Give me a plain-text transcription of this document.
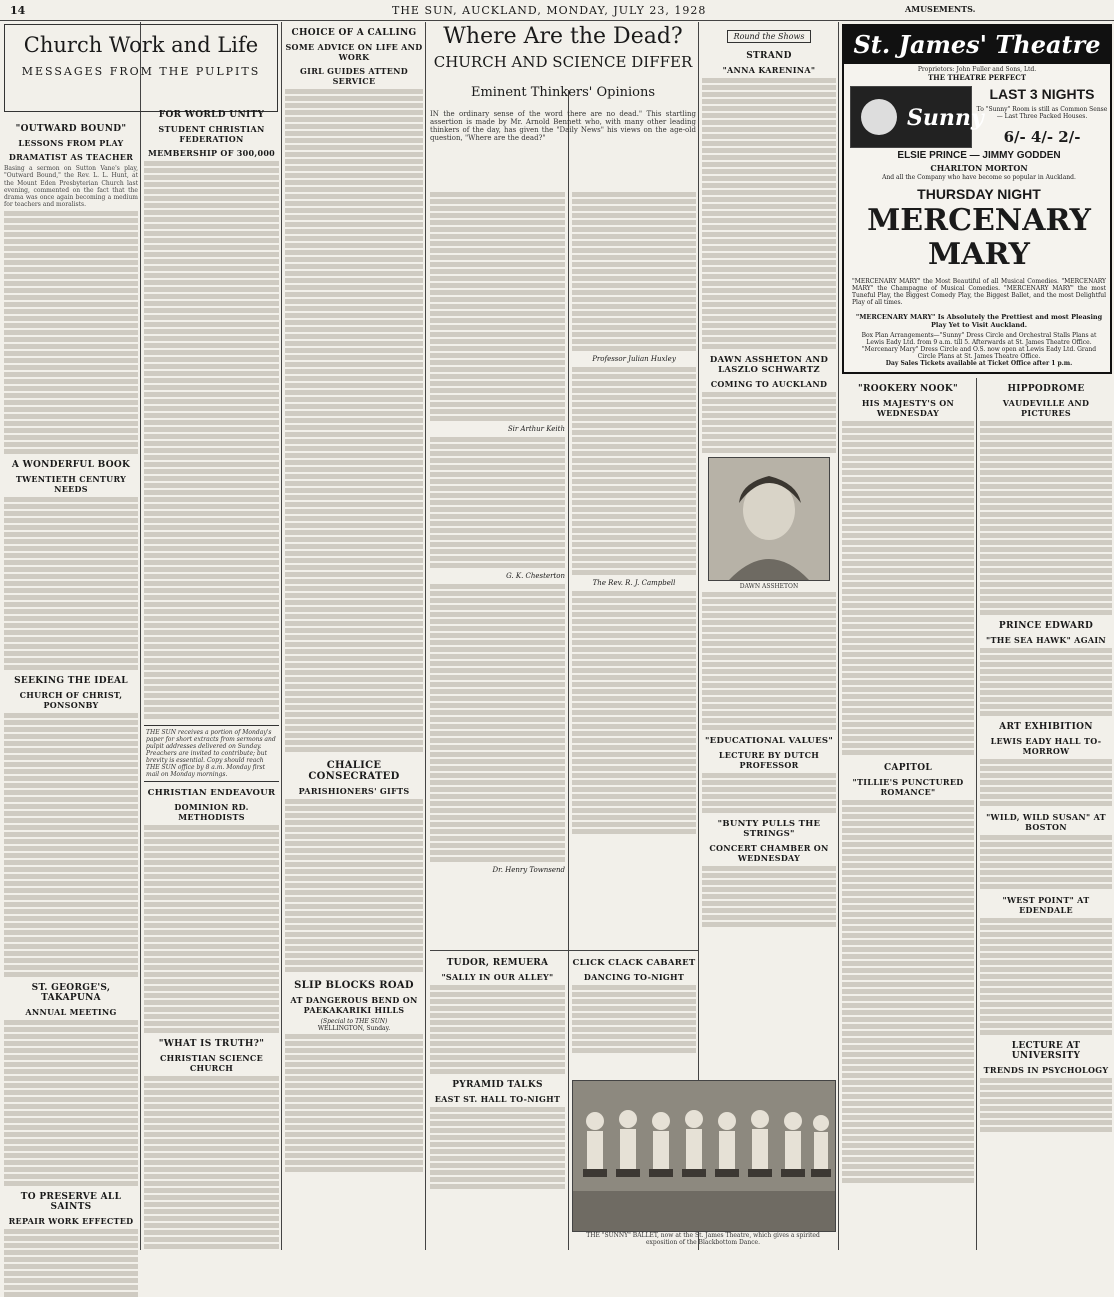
14	THE SUN, AUCKLAND, MONDAY, JULY 23, 1928	AMUSEMENTS.
Church Work and Life
MESSAGES FROM THE PULPITS
"OUTWARD BOUND"
LESSONS FROM PLAY
DRAMATIST AS TEACHER
Basing a sermon on Sutton Vane's play, "Outward Bound," the Rev. L. L. Hunt, at the Mount Eden Presbyterian Church last evening, commented on the fact that the drama was once again becoming a medium for teachers and moralists.
A WONDERFUL BOOK
TWENTIETH CENTURY NEEDS
SEEKING THE IDEAL
CHURCH OF CHRIST, PONSONBY
ST. GEORGE'S, TAKAPUNA
ANNUAL MEETING
TO PRESERVE ALL SAINTS
REPAIR WORK EFFECTED
FOR WORLD UNITY
STUDENT CHRISTIAN FEDERATION
MEMBERSHIP OF 300,000
THE SUN receives a portion of Monday's paper for short extracts from sermons and pulpit addresses delivered on Sunday. Preachers are invited to contribute; but brevity is essential. Copy should reach THE SUN office by 8 a.m. Monday first mail on Monday mornings.
CHRISTIAN ENDEAVOUR
DOMINION RD. METHODISTS
"WHAT IS TRUTH?"
CHRISTIAN SCIENCE CHURCH
CHOICE OF A CALLING
SOME ADVICE ON LIFE AND WORK
GIRL GUIDES ATTEND SERVICE
CHALICE CONSECRATED
PARISHIONERS' GIFTS
SLIP BLOCKS ROAD
AT DANGEROUS BEND ON PAEKAKARIKI HILLS
(Special to THE SUN)
WELLINGTON, Sunday.
Where Are the Dead?
CHURCH AND SCIENCE DIFFER
Eminent Thinkers' Opinions
IN the ordinary sense of the word there are no dead." This startling assertion is made by Mr. Arnold Bennett who, with many other leading thinkers of the day, has given the "Daily News" his views on the age-old question, "Where are the dead?"
Sir Arthur Keith
G. K. Chesterton
Dr. Henry Townsend
Professor Julian Huxley
The Rev. R. J. Campbell
TUDOR, REMUERA
"SALLY IN OUR ALLEY"
PYRAMID TALKS
EAST ST. HALL TO-NIGHT
Round the Shows
STRAND
"ANNA KARENINA"
DAWN ASSHETON AND LASZLO SCHWARTZ
COMING TO AUCKLAND
DAWN ASSHETON
"EDUCATIONAL VALUES"
LECTURE BY DUTCH PROFESSOR
"BUNTY PULLS THE STRINGS"
CONCERT CHAMBER ON WEDNESDAY
CLICK CLACK CABARET
DANCING TO-NIGHT
THE "SUNNY" BALLET, now at the St. James Theatre, which gives a spirited exposition of the Blackbottom Dance.
St. James' Theatre
Proprietors: John Fuller and Sons, Ltd.
THE THEATRE PERFECT
Sunny
LAST 3 NIGHTS
To "Sunny" Room is still as Common Sense — Last Three Packed Houses.
6/- 4/- 2/-
ELSIE PRINCE — JIMMY GODDEN
CHARLTON MORTON
And all the Company who have become so popular in Auckland.
THURSDAY NIGHT
MERCENARY MARY
"MERCENARY MARY" the Most Beautiful of all Musical Comedies. "MERCENARY MARY" the Champagne of Musical Comedies. "MERCENARY MARY" the most Tuneful Play, the Biggest Comedy Play, the Biggest Ballet, and the most Delightful Play of all times.
"MERCENARY MARY" Is Absolutely the Prettiest and most Pleasing Play Yet to Visit Auckland.
Box Plan Arrangements—"Sunny" Dress Circle and Orchestral Stalls Plans at Lewis Eady Ltd. from 9 a.m. till 5. Afterwards at St. James Theatre Office. "Mercenary Mary" Dress Circle and O.S. now open at Lewis Eady Ltd. Grand Circle Plans at St. James Theatre Office.
Day Sales Tickets available at Ticket Office after 1 p.m.
"ROOKERY NOOK"
HIS MAJESTY'S ON WEDNESDAY
CAPITOL
"TILLIE'S PUNCTURED ROMANCE"
HIPPODROME
VAUDEVILLE AND PICTURES
PRINCE EDWARD
"THE SEA HAWK" AGAIN
ART EXHIBITION
LEWIS EADY HALL TO-MORROW
"WILD, WILD SUSAN" AT BOSTON
"WEST POINT" AT EDENDALE
LECTURE AT UNIVERSITY
TRENDS IN PSYCHOLOGY
